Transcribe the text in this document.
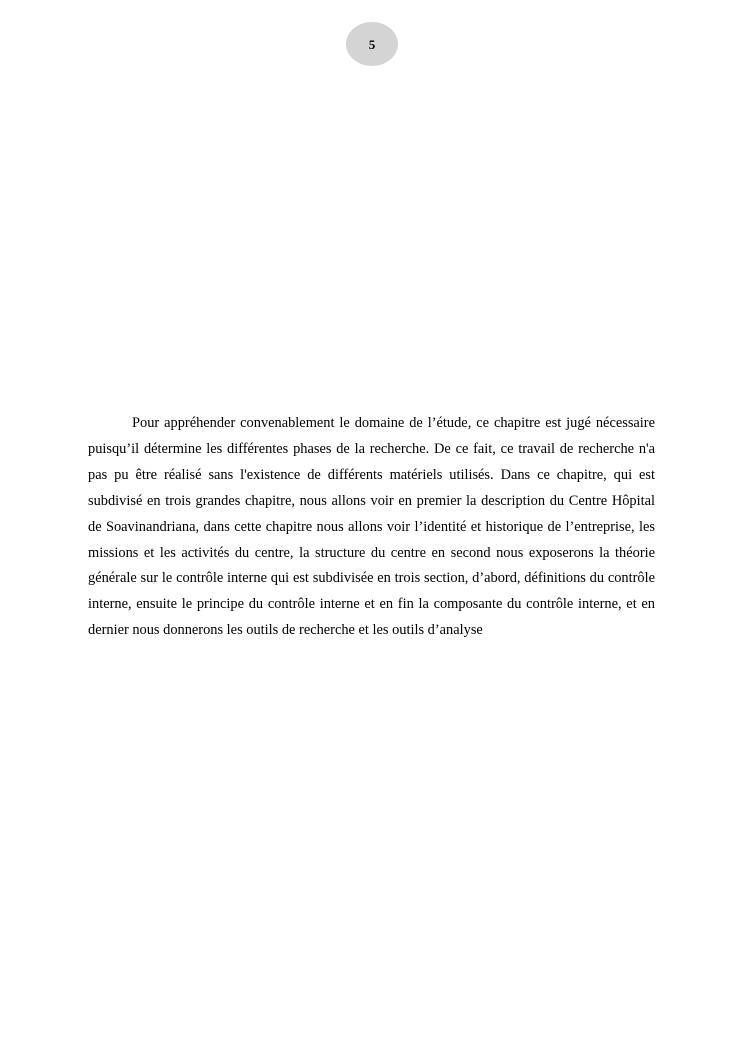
5

Pour appréhender convenablement le domaine de l’étude, ce chapitre est jugé nécessaire puisqu’il détermine les différentes phases de la recherche. De ce fait, ce travail de recherche n'a pas pu être réalisé sans l'existence de différents matériels utilisés. Dans ce chapitre, qui est subdivisé en trois grandes chapitre, nous allons voir en premier la description du Centre Hôpital de Soavinandriana, dans cette chapitre nous allons voir l’identité et historique de l’entreprise, les missions et les activités du centre, la structure du centre en second nous exposerons la théorie générale sur le contrôle interne qui est subdivisée en trois section, d’abord, définitions du contrôle interne, ensuite le principe du contrôle interne et en fin la composante du contrôle interne, et en dernier nous donnerons les outils de recherche et les outils d’analyse
